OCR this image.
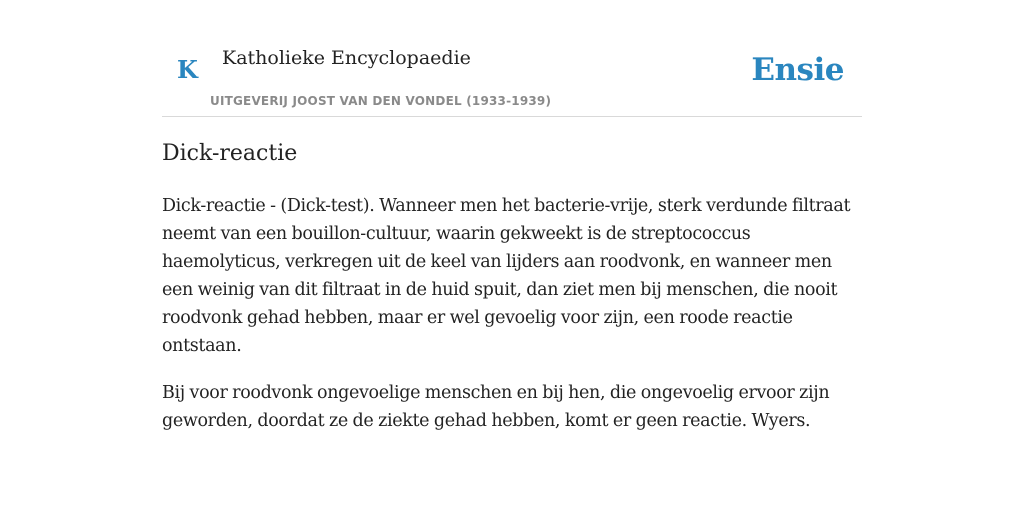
K Katholieke Encyclopaedie
UITGEVERIJ JOOST VAN DEN VONDEL (1933-1939)
Ensie
Dick-reactie

Dick-reactie - (Dick-test). Wanneer men het bacterie-vrije, sterk verdunde filtraat neemt van een bouillon-cultuur, waarin gekweekt is de streptococcus haemolyticus, verkregen uit de keel van lijders aan roodvonk, en wanneer men een weinig van dit filtraat in de huid spuit, dan ziet men bij menschen, die nooit roodvonk gehad hebben, maar er wel gevoelig voor zijn, een roode reactie ontstaan.

Bij voor roodvonk ongevoelige menschen en bij hen, die ongevoelig ervoor zijn geworden, doordat ze de ziekte gehad hebben, komt er geen reactie. Wyers.
